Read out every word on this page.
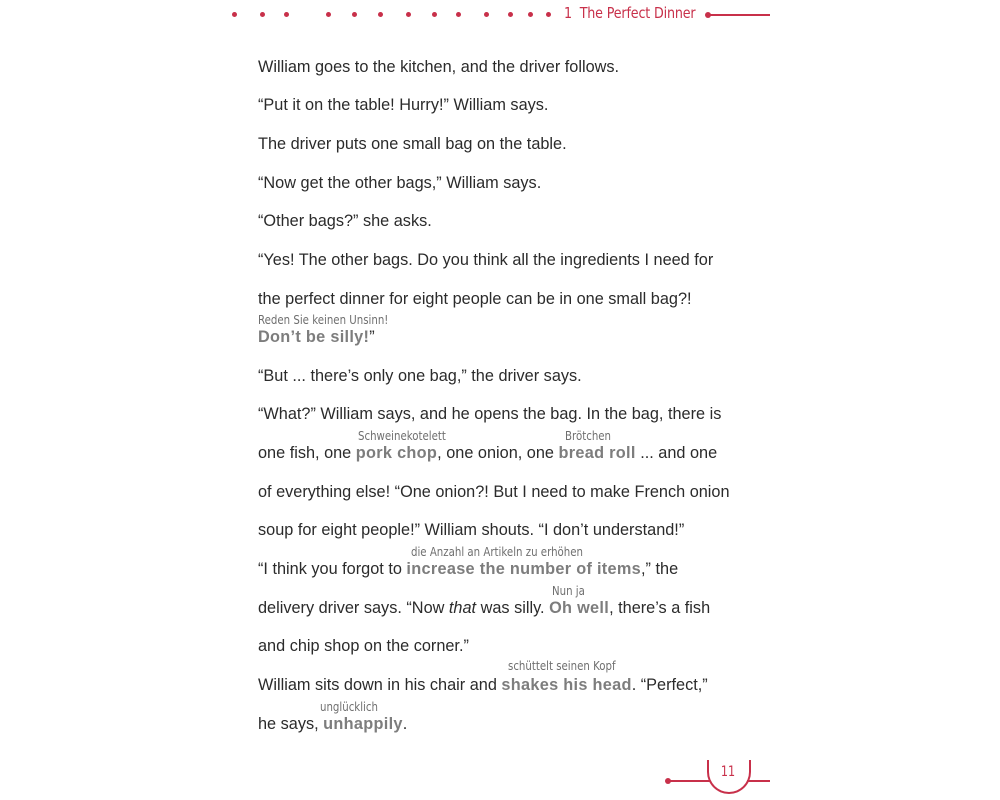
1 The Perfect Dinner
William goes to the kitchen, and the driver follows.
“Put it on the table! Hurry!” William says.
The driver puts one small bag on the table.
“Now get the other bags,” William says.
“Other bags?” she asks.
“Yes! The other bags. Do you think all the ingredients I need for
the perfect dinner for eight people can be in one small bag?!
Reden Sie keinen Unsinn!
Don’t be silly!”
“But ... there’s only one bag,” the driver says.
“What?” William says, and he opens the bag. In the bag, there is
Schweinekotelett	Brötchen
one fish, one pork chop, one onion, one bread roll ... and one
of everything else! “One onion?! But I need to make French onion
soup for eight people!” William shouts. “I don’t understand!”
die Anzahl an Artikeln zu erhöhen
“I think you forgot to increase the number of items,” the
Nun ja
delivery driver says. “Now that was silly. Oh well, there’s a fish
and chip shop on the corner.”
schüttelt seinen Kopf
William sits down in his chair and shakes his head. “Perfect,”
unglücklich
he says, unhappily.
11
